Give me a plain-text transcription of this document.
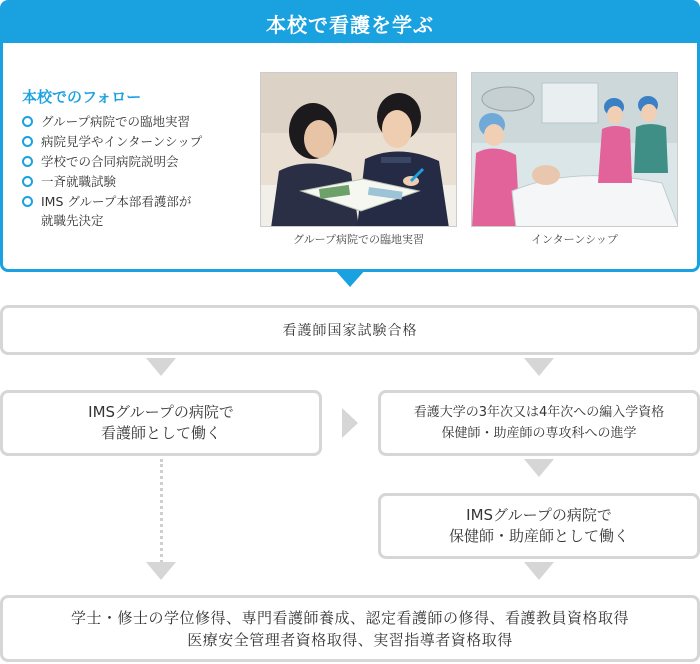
本校で看護を学ぶ
本校でのフォロー
グループ病院での臨地実習
病院見学やインターンシップ
学校での合同病院説明会
一斉就職試験
IMS グループ本部看護部が
就職先決定
グループ病院での臨地実習	インターンシップ
看護師国家試験合格
IMSグループの病院で
看護師として働く
看護大学の3年次又は4年次への編入学資格
保健師・助産師の専攻科への進学
IMSグループの病院で
保健師・助産師として働く
学士・修士の学位修得、専門看護師養成、認定看護師の修得、看護教員資格取得
医療安全管理者資格取得、実習指導者資格取得
